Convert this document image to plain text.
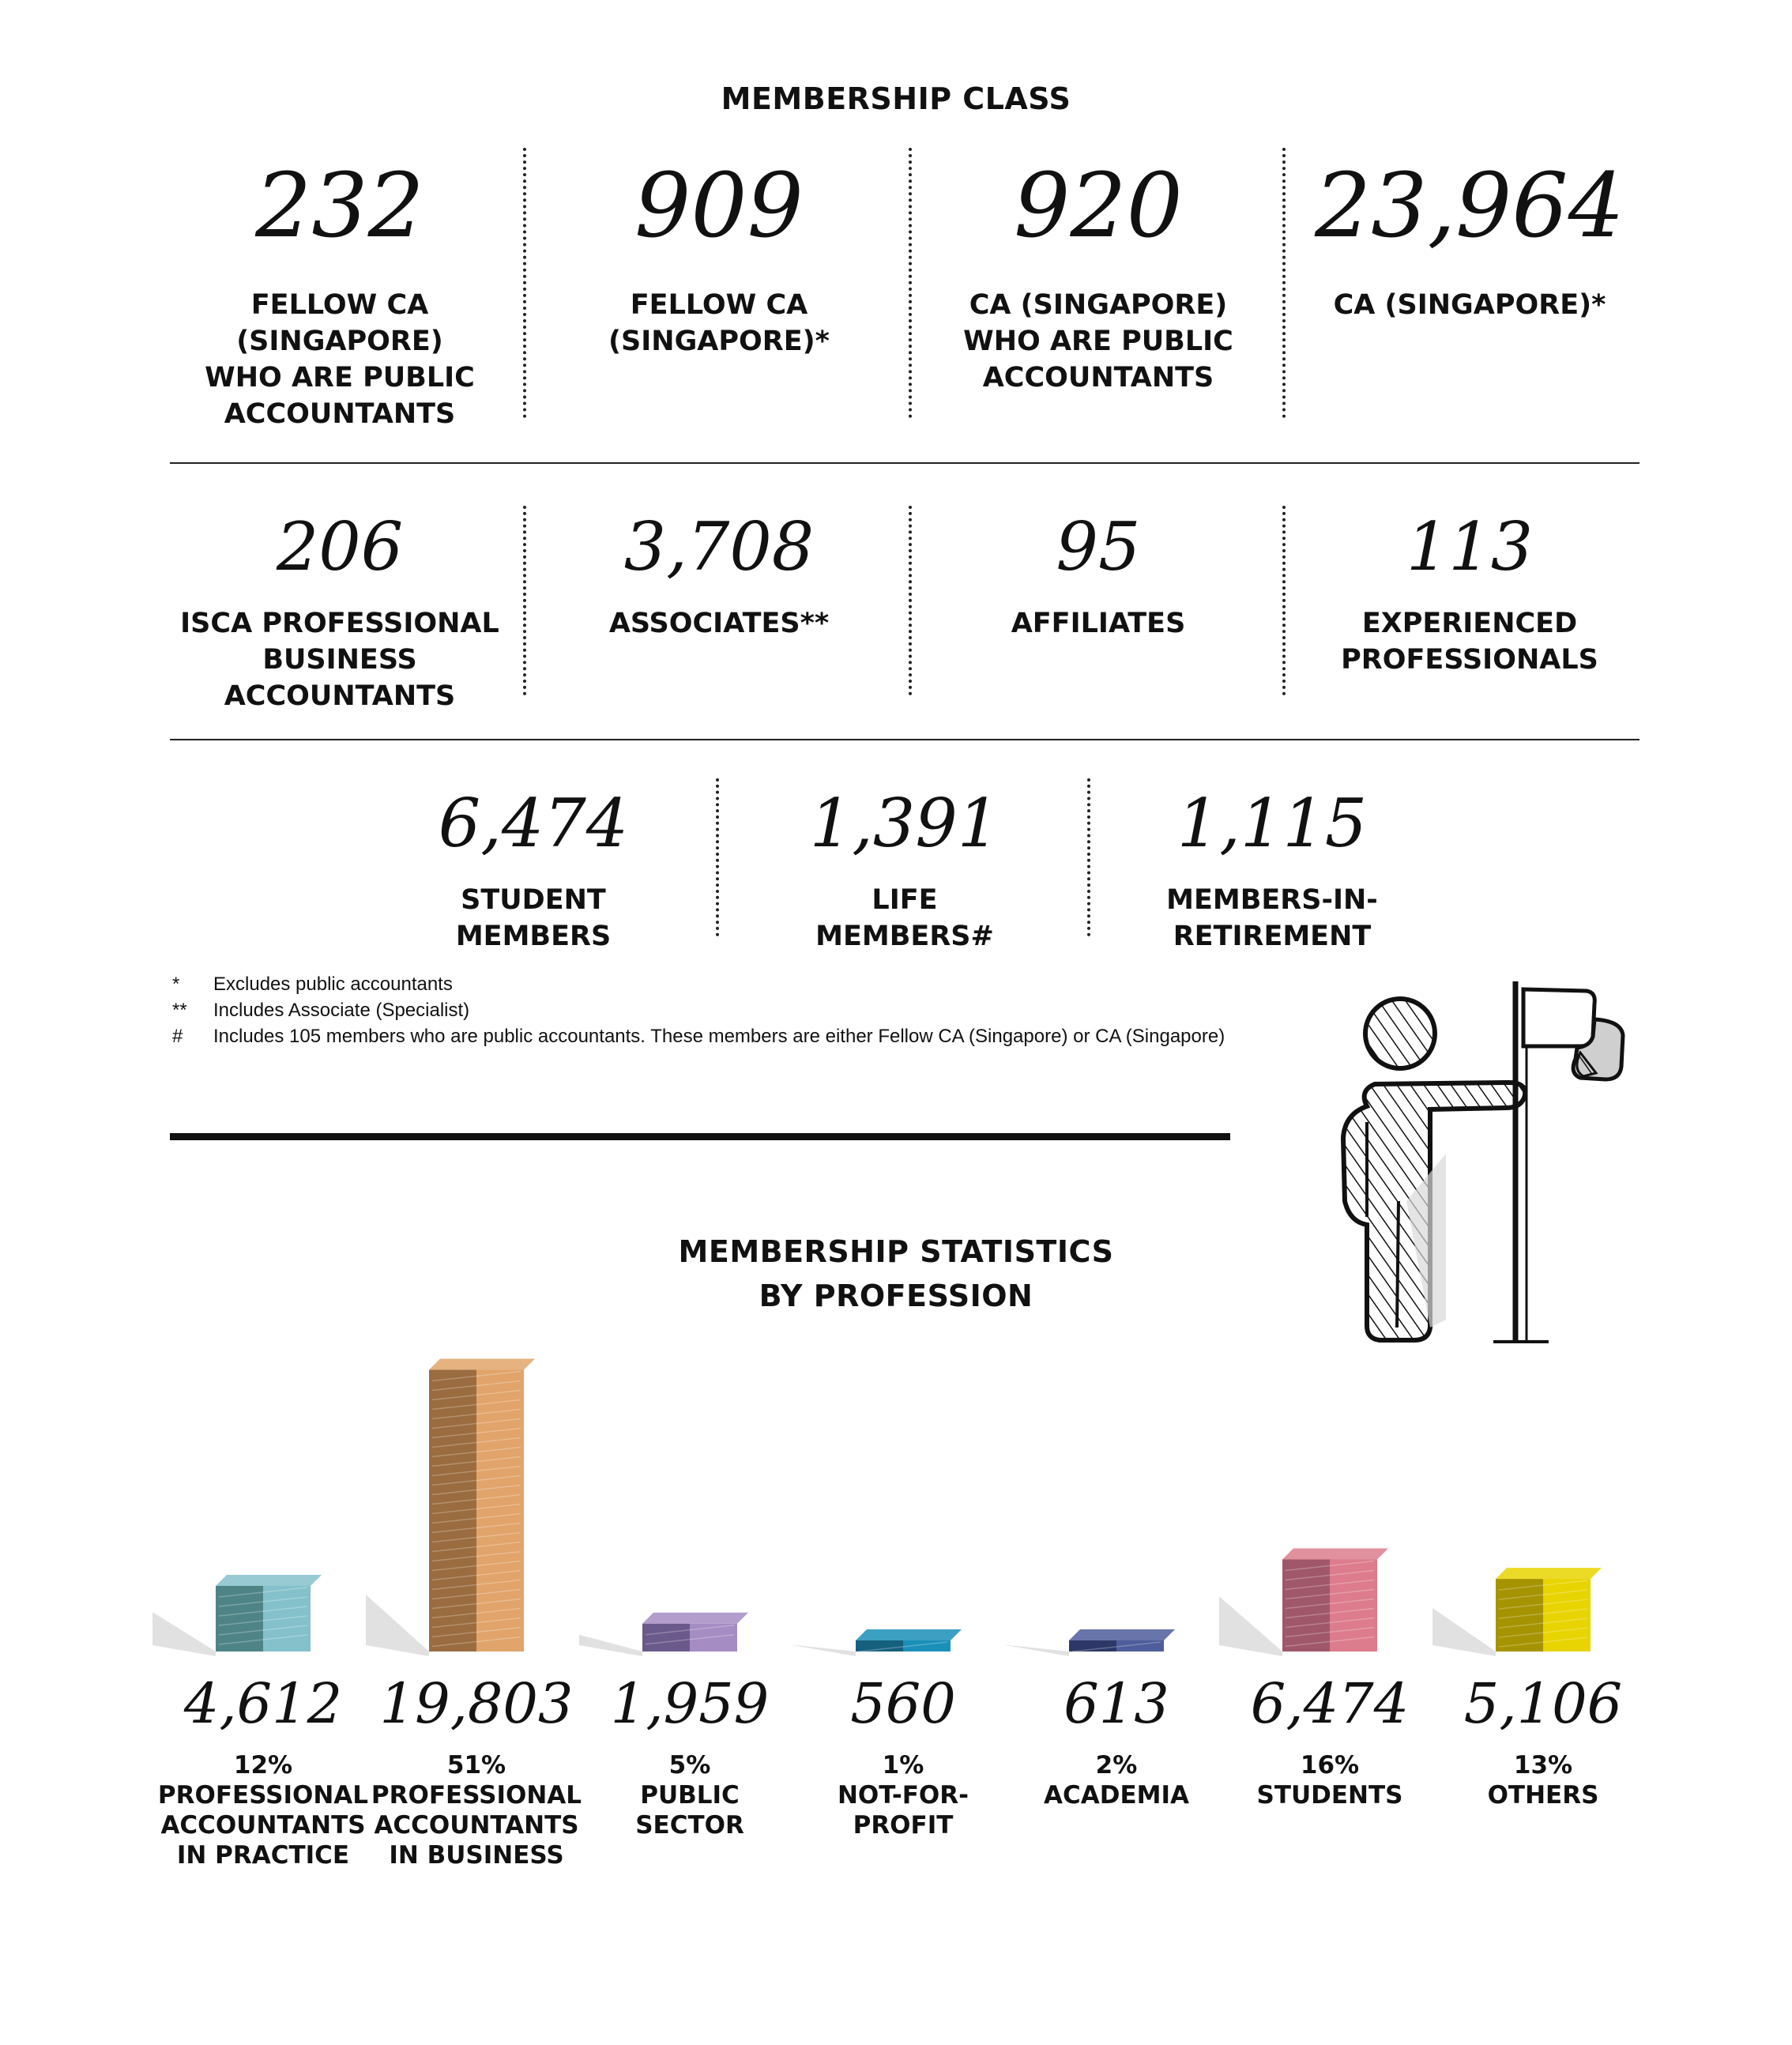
MEMBERSHIP CLASS
232
FELLOW CA
(SINGAPORE)
WHO ARE PUBLIC
ACCOUNTANTS
909
FELLOW CA
(SINGAPORE)*
920
CA (SINGAPORE)
WHO ARE PUBLIC
ACCOUNTANTS
23,964
CA (SINGAPORE)*
206
ISCA PROFESSIONAL
BUSINESS
ACCOUNTANTS
3,708
ASSOCIATES**
95
AFFILIATES
113
EXPERIENCED
PROFESSIONALS
6,474
STUDENT
MEMBERS
1,391
LIFE
MEMBERS#
1,115
MEMBERS-IN-
RETIREMENT
* Excludes public accountants
** Includes Associate (Specialist)
# Includes 105 members who are public accountants. These members are either Fellow CA (Singapore) or CA (Singapore)
MEMBERSHIP STATISTICS
BY PROFESSION
4,612
12%
PROFESSIONAL
ACCOUNTANTS
IN PRACTICE
19,803
51%
PROFESSIONAL
ACCOUNTANTS
IN BUSINESS
1,959
5%
PUBLIC
SECTOR
560
1%
NOT-FOR-
PROFIT
613
2%
ACADEMIA
6,474
16%
STUDENTS
5,106
13%
OTHERS
